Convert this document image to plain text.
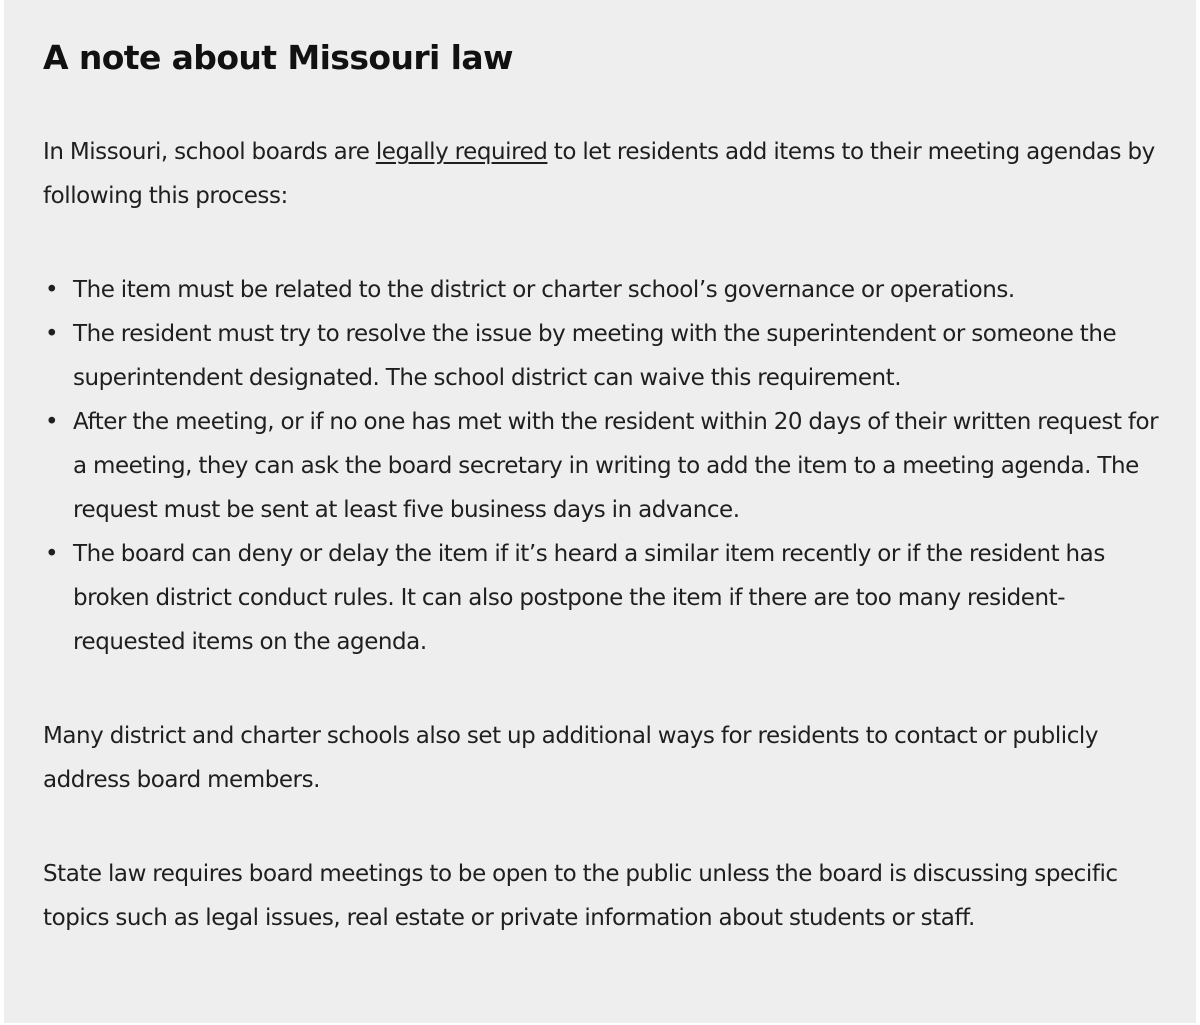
A note about Missouri law

In Missouri, school boards are legally required to let residents add items to their meeting agendas by following this process:

• The item must be related to the district or charter school’s governance or operations.
• The resident must try to resolve the issue by meeting with the superintendent or someone the superintendent designated. The school district can waive this requirement.
• After the meeting, or if no one has met with the resident within 20 days of their written request for a meeting, they can ask the board secretary in writing to add the item to a meeting agenda. The request must be sent at least five business days in advance.
• The board can deny or delay the item if it’s heard a similar item recently or if the resident has broken district conduct rules. It can also postpone the item if there are too many resident-requested items on the agenda.

Many district and charter schools also set up additional ways for residents to contact or publicly address board members.

State law requires board meetings to be open to the public unless the board is discussing specific topics such as legal issues, real estate or private information about students or staff.
